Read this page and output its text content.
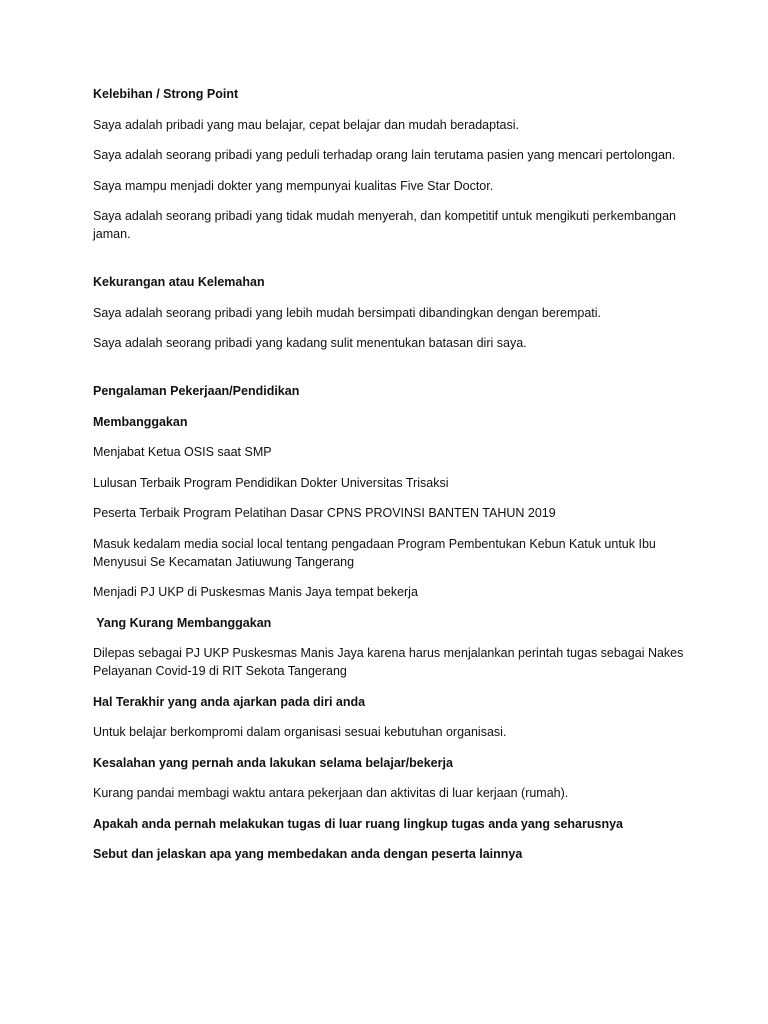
Kelebihan / Strong Point

Saya adalah pribadi yang mau belajar, cepat belajar dan mudah beradaptasi.

Saya adalah seorang pribadi yang peduli terhadap orang lain terutama pasien yang mencari pertolongan.

Saya mampu menjadi dokter yang mempunyai kualitas Five Star Doctor.

Saya adalah seorang pribadi yang tidak mudah menyerah, dan kompetitif untuk mengikuti perkembangan jaman.

Kekurangan atau Kelemahan

Saya adalah seorang pribadi yang lebih mudah bersimpati dibandingkan dengan berempati.

Saya adalah seorang pribadi yang kadang sulit menentukan batasan diri saya.

Pengalaman Pekerjaan/Pendidikan

Membanggakan

Menjabat Ketua OSIS saat SMP

Lulusan Terbaik Program Pendidikan Dokter Universitas Trisaksi

Peserta Terbaik Program Pelatihan Dasar CPNS PROVINSI BANTEN TAHUN 2019

Masuk kedalam media social local tentang pengadaan Program Pembentukan Kebun Katuk untuk Ibu Menyusui Se Kecamatan Jatiuwung Tangerang

Menjadi PJ UKP di Puskesmas Manis Jaya tempat bekerja

Yang Kurang Membanggakan

Dilepas sebagai PJ UKP Puskesmas Manis Jaya karena harus menjalankan perintah tugas sebagai Nakes Pelayanan Covid-19 di RIT Sekota Tangerang

Hal Terakhir yang anda ajarkan pada diri anda

Untuk belajar berkompromi dalam organisasi sesuai kebutuhan organisasi.

Kesalahan yang pernah anda lakukan selama belajar/bekerja

Kurang pandai membagi waktu antara pekerjaan dan aktivitas di luar kerjaan (rumah).

Apakah anda pernah melakukan tugas di luar ruang lingkup tugas anda yang seharusnya

Sebut dan jelaskan apa yang membedakan anda dengan peserta lainnya
